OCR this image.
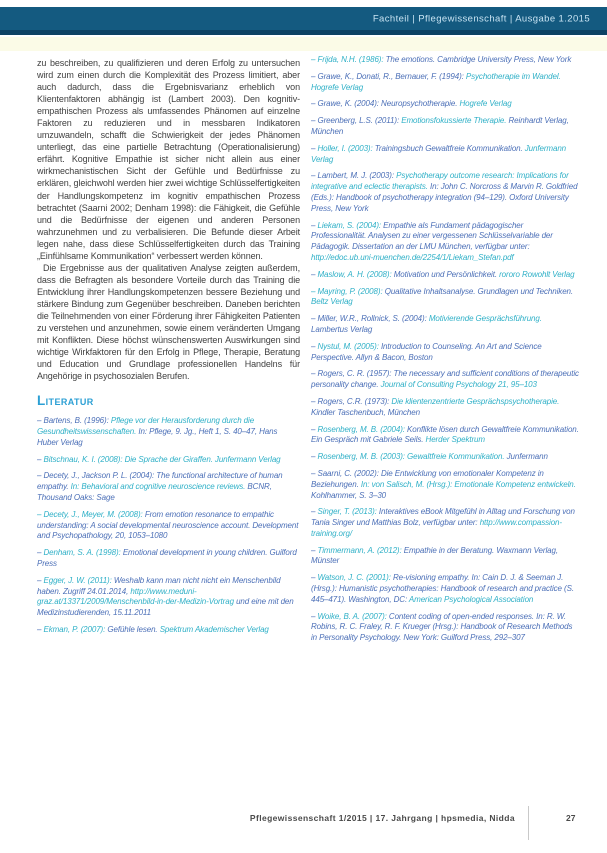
Fachteil | Pflegewissenschaft | Ausgabe 1.2015

zu beschreiben, zu qualifizieren und deren Erfolg zu untersuchen wird zum einen durch die Komplexität des Prozess limitiert, aber auch dadurch, dass die Ergebnisvarianz erheblich von Klientenfaktoren abhängig ist (Lambert 2003). Den kognitiv- empathischen Prozess als umfassendes Phänomen auf einzelne Faktoren zu reduzieren und in messbaren Indikatoren umzuwandeln, schafft die Schwierigkeit der jedes Phänomen unterliegt, das eine partielle Betrachtung (Operationalisierung) erfährt. Kognitive Empathie ist sicher nicht allein aus einer wirkmechanistischen Sicht der Gefühle und Bedürfnisse zu erklären, gleichwohl werden hier zwei wichtige Schlüsselfertigkeiten der Handlungskompetenz im kognitiv empathischen Prozess betrachtet (Saarni 2002; Denham 1998): die Fähigkeit, die Gefühle und die Bedürfnisse der eigenen und anderen Personen wahrzunehmen und zu verbalisieren. Die Befunde dieser Arbeit legen nahe, dass diese Schlüsselfertigkeiten durch das Training „Einfühlsame Kommunikation“ verbessert werden können.

Die Ergebnisse aus der qualitativen Analyse zeigten außerdem, dass die Befragten als besondere Vorteile durch das Training die Entwicklung ihrer Handlungskompetenzen bessere Beziehung und stärkere Bindung zum Gegenüber beschreiben. Daneben berichten die Teilnehmenden von einer Förderung ihrer Fähigkeiten Patienten zu verstehen und anzunehmen, sowie einem veränderten Umgang mit Konflikten. Diese höchst wünschenswerten Auswirkungen sind wichtige Wirkfaktoren für den Erfolg in Pflege, Therapie, Beratung und Education und Grundlage professionellen Handelns für Angehörige in psychosozialen Berufen.

Literatur

– Bartens, B. (1996): Pflege vor der Herausforderung durch die Gesundheitswissenschaften. In: Pflege, 9. Jg., Heft 1, S. 40–47, Hans Huber Verlag

– Bitschnau, K. I. (2008): Die Sprache der Giraffen. Junfermann Verlag

– Decety, J., Jackson P. L. (2004): The functional architecture of human empathy. In: Behavioral and cognitive neuroscience reviews. BCNR, Thousand Oaks: Sage

– Decety, J., Meyer, M. (2008): From emotion resonance to empathic understanding: A social developmental neuroscience account. Development and Psychopathology, 20, 1053–1080

– Denham, S. A. (1998): Emotional development in young children. Guilford Press

– Egger, J. W. (2011): Weshalb kann man nicht nicht ein Menschenbild haben. Zugriff 24.01.2014, http://www.meduni-graz.at/13371/2009/Menschenbild-in-der-Medizin-Vortrag und eine mit den Medizinstudierenden, 15.11.2011

– Ekman, P. (2007): Gefühle lesen. Spektrum Akademischer Verlag

– Frijda, N.H. (1986): The emotions. Cambridge University Press, New York

– Grawe, K., Donati, R., Bernauer, F. (1994): Psychotherapie im Wandel. Hogrefe Verlag

– Grawe, K. (2004): Neuropsychotherapie. Hogrefe Verlag

– Greenberg, L.S. (2011): Emotionsfokussierte Therapie. Reinhardt Verlag, München

– Holler, I. (2003): Trainingsbuch Gewaltfreie Kommunikation. Junfermann Verlag

– Lambert, M. J. (2003): Psychotherapy outcome research: Implications for integrative and eclectic therapists. In: John C. Norcross & Marvin R. Goldfried (Eds.): Handbook of psychotherapy integration (94–129). Oxford University Press, New York

– Liekam, S. (2004): Empathie als Fundament pädagogischer Professionalität. Analysen zu einer vergessenen Schlüsselvariable der Pädagogik. Dissertation an der LMU München, verfügbar unter: http://edoc.ub.uni-muenchen.de/2254/1/Liekam_Stefan.pdf

– Maslow, A. H. (2008): Motivation und Persönlichkeit. rororo Rowohlt Verlag

– Mayring, P. (2008): Qualitative Inhaltsanalyse. Grundlagen und Techniken. Beltz Verlag

– Miller, W.R., Rollnick, S. (2004): Motivierende Gesprächsführung. Lambertus Verlag

– Nystul, M. (2005): Introduction to Counseling. An Art and Science Perspective. Allyn & Bacon, Boston

– Rogers, C. R. (1957): The necessary and sufficient conditions of therapeutic personality change. Journal of Consulting Psychology 21, 95–103

– Rogers, C.R. (1973): Die klientenzentrierte Gesprächspsychotherapie. Kindler Taschenbuch, München

– Rosenberg, M. B. (2004): Konflikte lösen durch Gewaltfreie Kommunikation. Ein Gespräch mit Gabriele Seils. Herder Spektrum

– Rosenberg, M. B. (2003): Gewaltfreie Kommunikation. Junfermann

– Saarni, C. (2002): Die Entwicklung von emotionaler Kompetenz in Beziehungen. In: von Salisch, M. (Hrsg.): Emotionale Kompetenz entwickeln. Kohlhammer, S. 3–30

– Singer, T. (2013): Interaktives eBook Mitgefühl in Alltag und Forschung von Tania Singer und Matthias Bolz, verfügbar unter: http://www.compassion-training.org/

– Timmermann, A. (2012): Empathie in der Beratung. Waxmann Verlag, Münster

– Watson, J. C. (2001): Re-visioning empathy. In: Cain D. J. & Seeman J. (Hrsg.): Humanistic psychotherapies: Handbook of research and practice (S. 445–471). Washington, DC: American Psychological Association

– Woike, B. A. (2007): Content coding of open-ended responses. In: R. W. Robins, R. C. Fraley, R. F. Krueger (Hrsg.): Handbook of Research Methods in Personality Psychology. New York: Guilford Press, 292–307

Pflegewissenschaft 1/2015 | 17. Jahrgang | hpsmedia, Nidda	27
